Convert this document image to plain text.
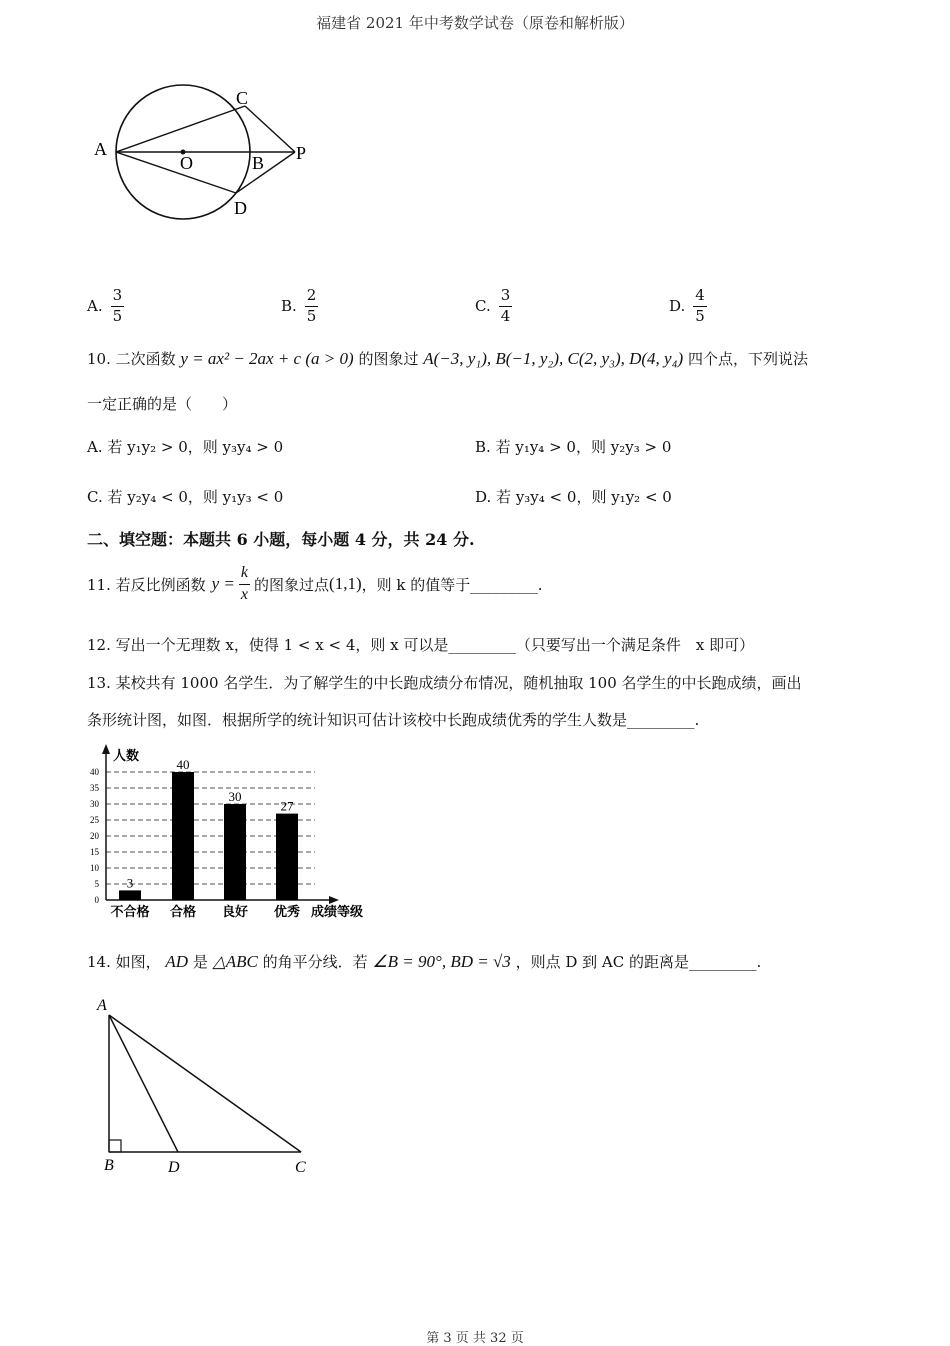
福建省 2021 年中考数学试卷（原卷和解析版）
A
O	B
C
D
P
A. $\frac{3}{5}$	B. $\frac{2}{5}$	C. $\frac{3}{4}$	D. $\frac{4}{5}$
10. 二次函数 y = ax² − 2ax + c (a > 0) 的图象过 A(−3, y₁), B(−1, y₂), C(2, y₃), D(4, y₄) 四个点，下列说法
一定正确的是（　　）
A. 若 y₁y₂ > 0，则 y₃y₄ > 0	B. 若 y₁y₄ > 0，则 y₂y₃ > 0
C. 若 y₂y₄ < 0，则 y₁y₃ < 0	D. 若 y₃y₄ < 0，则 y₁y₂ < 0
二、填空题：本题共 6 小题，每小题 4 分，共 24 分.
11. 若反比例函数 $y = \frac{k}{x}$ 的图象过点 (1,1) ，则 k 的值等于_________.
12. 写出一个无理数 x，使得 1 < x < 4，则 x 可以是_________（只要写出一个满足条件　x 即可）
13. 某校共有 1000 名学生．为了解学生的中长跑成绩分布情况，随机抽取 100 名学生的中长跑成绩，画出
条形统计图，如图．根据所学的统计知识可估计该校中长跑成绩优秀的学生人数是_________.
人数
成绩等级
0
5
10
15
20
25
30
35
40
3
不合格
40
合格
30
良好
27
优秀
14. 如图， AD 是 △ABC 的角平分线．若 ∠B = 90°, BD = √3 ，则点 D 到 AC 的距离是_________.
A
B	D	C
第 3 页 共 32 页
